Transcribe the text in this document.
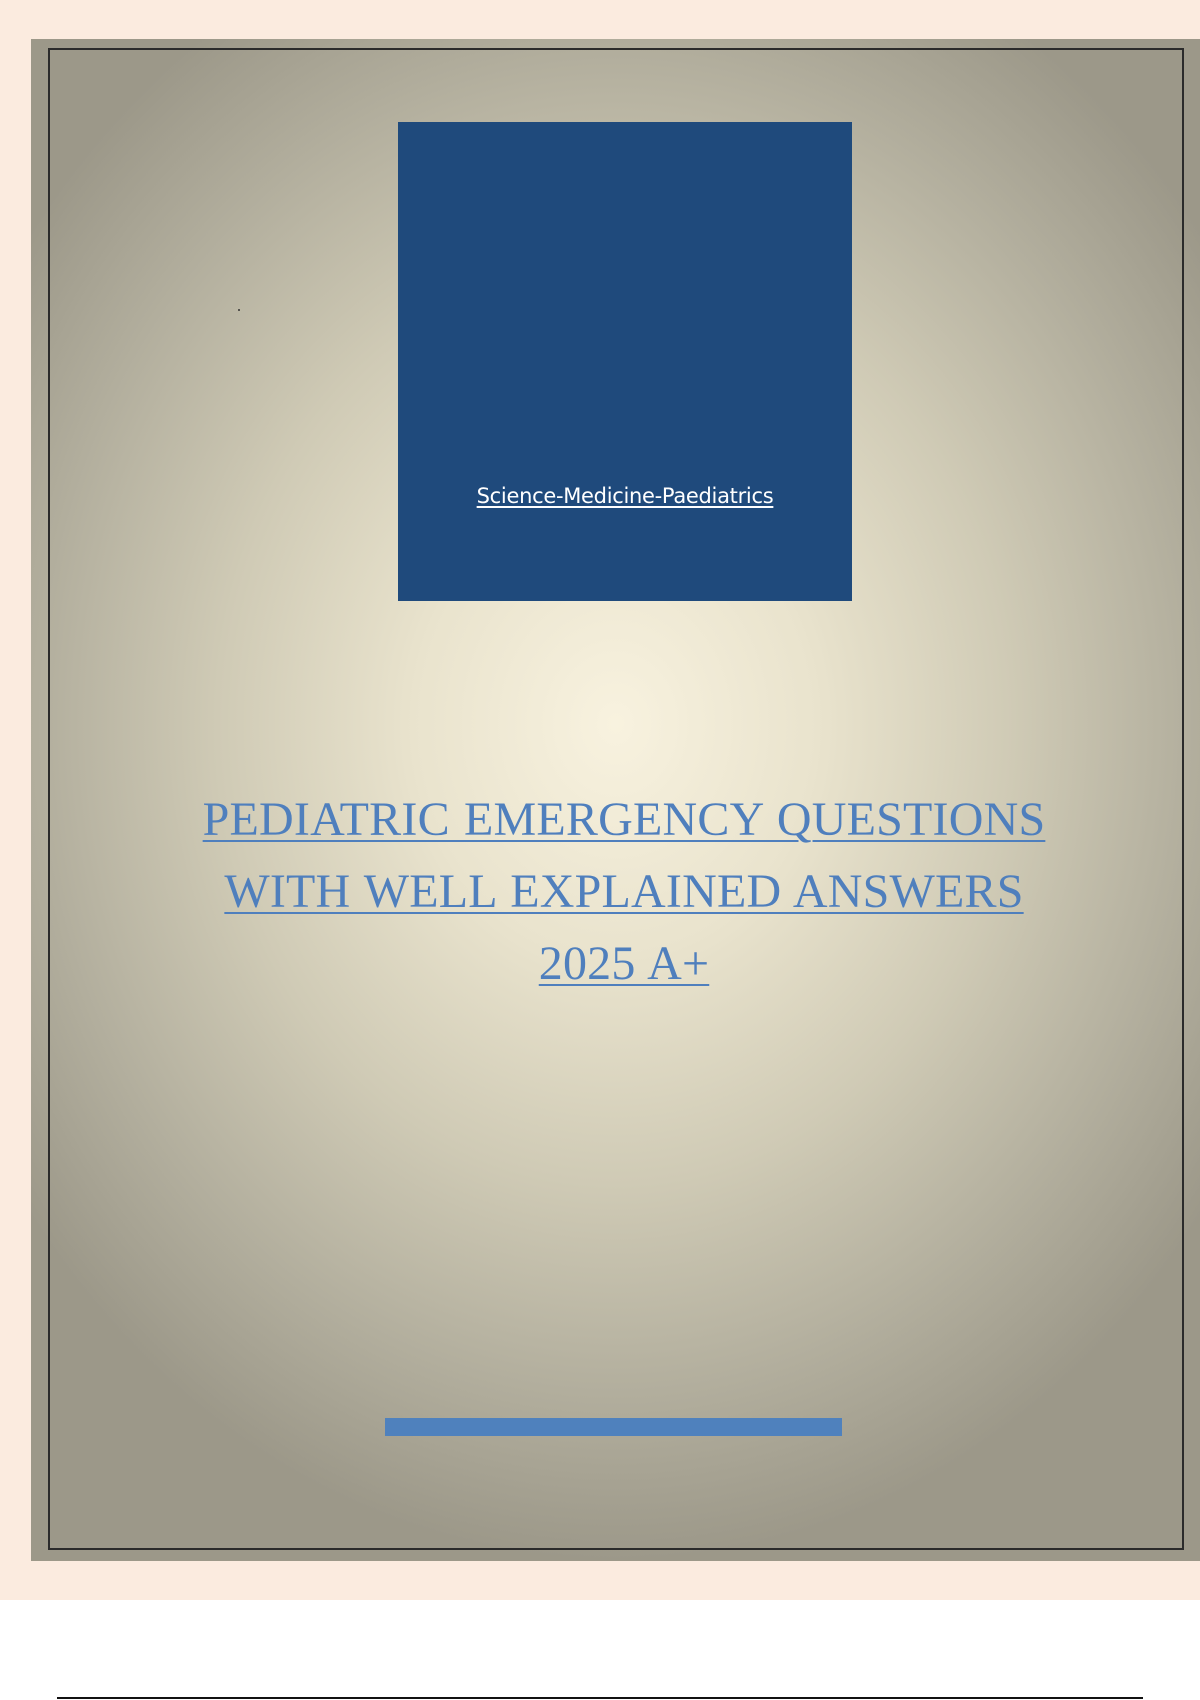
Science-Medicine-Paediatrics
PEDIATRIC EMERGENCY QUESTIONS
WITH WELL EXPLAINED ANSWERS
2025 A+
